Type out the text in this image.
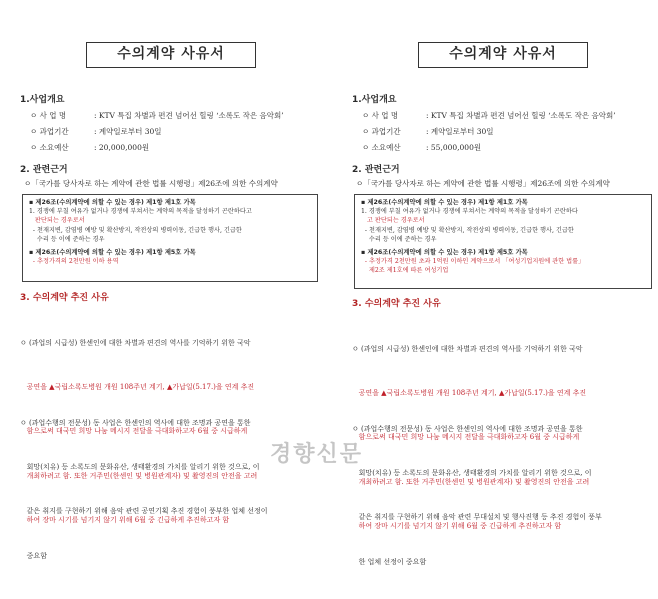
수의계약 사유서
1.사업개요
ㅇ 사 업 명	: KTV 특집 차별과 편견 넘어선 힐링 ‘소록도 작은 음악회’
ㅇ 과업기간	: 계약일로부터 30일
ㅇ 소요예산	: 20,000,000원
2. 관련근거
ㅇ「국가를 당사자로 하는 계약에 관한 법률 시행령」제26조에 의한 수의계약

▪ 제26조(수의계약에 의할 수 있는 경우) 제1항 제1호 가목

1. 경쟁에 부칠 여유가 없거나 경쟁에 부쳐서는 계약의 목적을 달성하기 곤란하다고

판단되는 경우로서

- 천재지변, 감염병 예방 및 확산방지, 작전상의 병력이동, 긴급한 행사, 긴급한

수리 등 이에 준하는 경우

▪ 제26조(수의계약에 의할 수 있는 경우) 제1항 제5호 가목

- 추정가격의 2천만원 이하 용역

3. 수의계약 추진 사유

ㅇ (과업의 시급성) 한센인에 대한 차별과 편견의 역사를 기억하기 위한 국악

공연을 ▲국립소록도병원 개원 108주년 계기, ▲가납일(5.17.)을 연계 추진

함으로써 대국민 희망 나눔 메시지 전달을 극대화하고자 6월 중 시급하게

개최하려고 함. 또한 거주민(한센인 및 병원관계자) 및 촬영진의 안전을 고려

하여 장마 시기를 넘기지 않기 위해 6월 중 긴급하게 추진하고자 함

ㅇ (과업수행의 전문성) 동 사업은 한센인의 역사에 대한 조명과 공연을 통한

회망(치유) 등 소록도의 문화유산, 생태환경의 가치를 알리기 위한 것으로, 이

같은 취지를 구현하기 위해 음악 관련 공연기획 추진 경험이 풍부한 업체 선정이

중요함

수의계약 사유서
1.사업개요
ㅇ 사 업 명	: KTV 특집 차별과 편견 넘어선 힐링 ‘소록도 작은 음악회’
ㅇ 과업기간	: 계약일로부터 30일
ㅇ 소요예산	: 55,000,000원
2. 관련근거
ㅇ「국가를 당사자로 하는 계약에 관한 법률 시행령」제26조에 의한 수의계약

▪ 제26조(수의계약에 의할 수 있는 경우) 제1항 제1호 가목

1. 경쟁에 부칠 여유가 없거나 경쟁에 부쳐서는 계약의 목적을 달성하기 곤란하다

고 판단되는 경우로서

- 천재지변, 감염병 예방 및 확산방지, 작전상의 병력이동, 긴급한 행사, 긴급한

수리 등 이에 준하는 경우

▪ 제26조(수의계약에 의할 수 있는 경우) 제1항 제5호 가목

- 추정가격 2천만원 초과 1억원 이하인 계약으로서 「여성기업지원에 관한 법률」

제2조 제1호에 따른 여성기업

3. 수의계약 추진 사유

ㅇ (과업의 시급성) 한센인에 대한 차별과 편견의 역사를 기억하기 위한 국악

공연을 ▲국립소록도병원 개원 108주년 계기, ▲가납일(5.17.)을 연계 추진

함으로써 대국민 희망 나눔 메시지 전달을 극대화하고자 6월 중 시급하게

개최하려고 함. 또한 거주민(한센인 및 병원관계자) 및 촬영진의 안전을 고려

하여 장마 시기를 넘기지 않기 위해 6월 중 긴급하게 추진하고자 함

ㅇ (과업수행의 전문성) 동 사업은 한센인의 역사에 대한 조명과 공연을 통한

회망(치유) 등 소록도의 문화유산, 생태환경의 가치를 알리기 위한 것으로, 이

같은 취지를 구현하기 위해 음악 관련 무대설치 및 행사진행 등 추진 경험이 풍부

한 업체 선정이 중요함

경향신문
